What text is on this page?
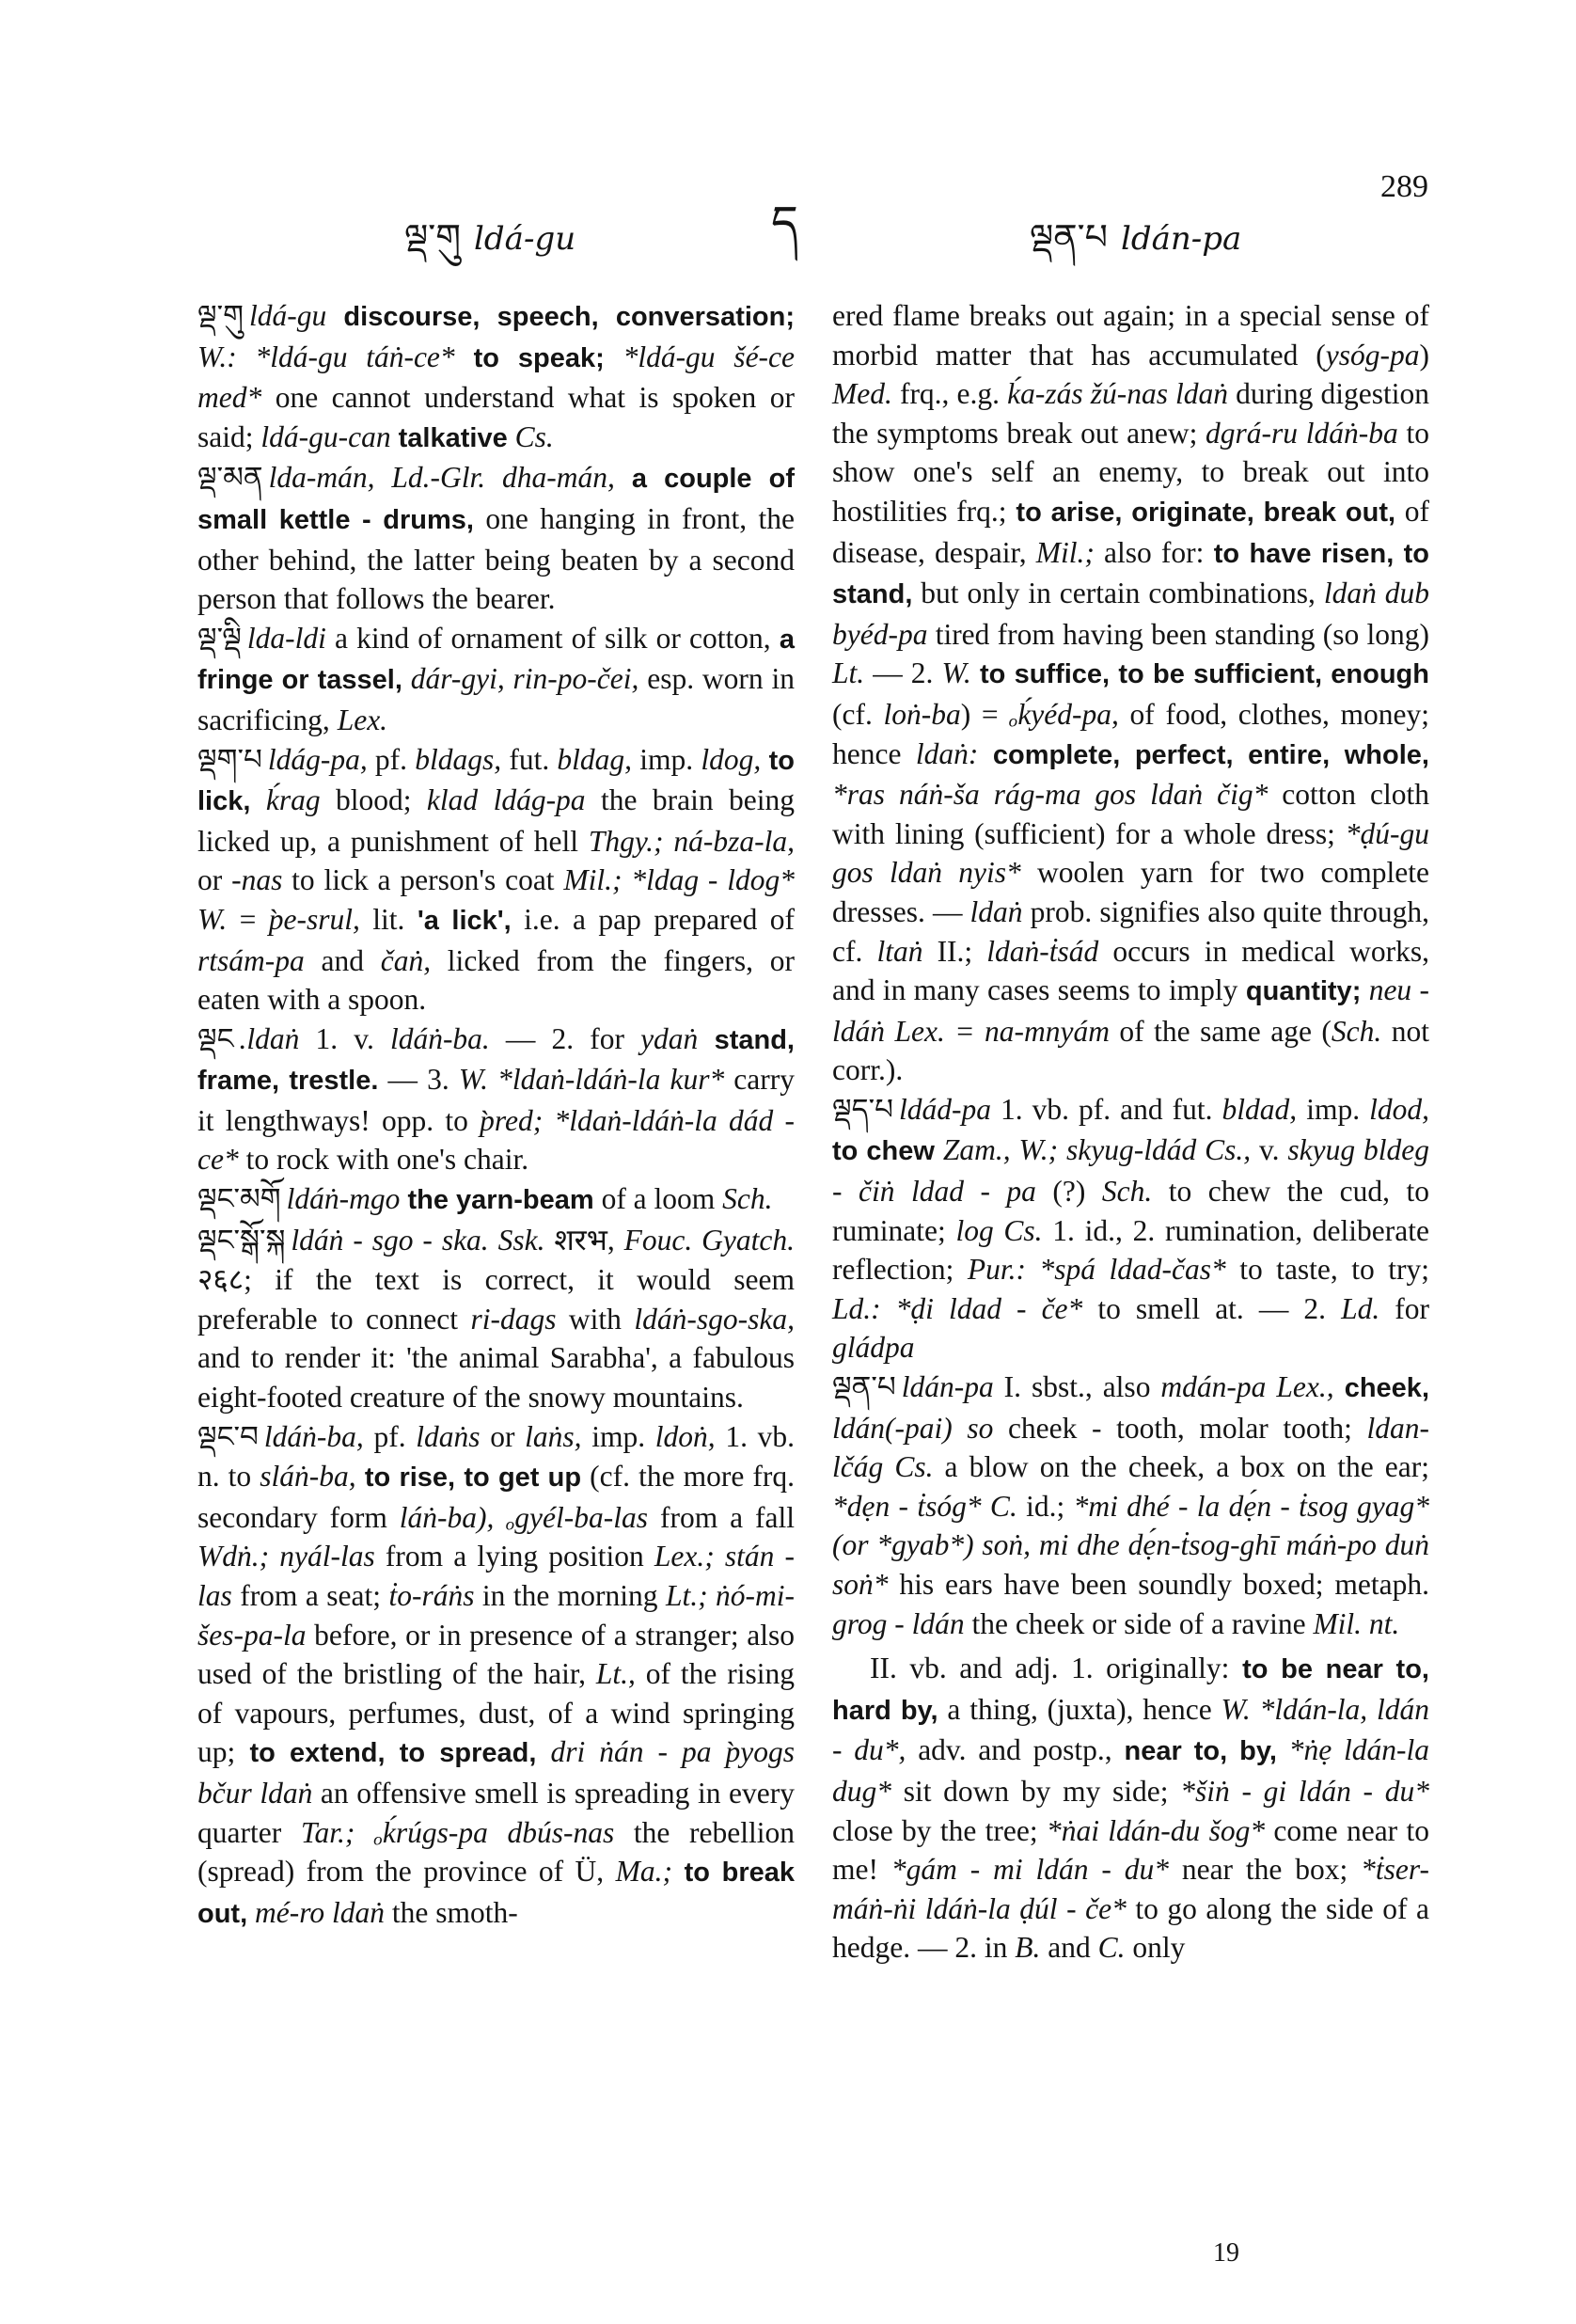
ལྡ་གུ ldá-gu	ད	ལྡན་པ ldán-pa
289

ལྡ་གུ ldá-gu discourse, speech, conversation; W.: *ldá-gu táṅ-ce* to speak; *ldá-gu šé-ce med* one cannot understand what is spoken or said; ldá-gu-can talkative Cs.

ལྡ་མན lda-mán, Ld.-Glr. dha-mán, a couple of small kettle - drums, one hanging in front, the other behind, the latter being beaten by a second person that follows the bearer.

ལྡ་ལྡི lda-ldi a kind of ornament of silk or cotton, a fringe or tassel, dár-gyi, rin-po-čei, esp. worn in sacrificing, Lex.

ལྡག་པ ldág-pa, pf. bldags, fut. bldag, imp. ldog, to lick, ḱrag blood; klad ldág-pa the brain being licked up, a punishment of hell Thgy.; ná-bza-la, or -nas to lick a person's coat Mil.; *ldag - ldog* W. = p̀e-srul, lit. 'a lick', i.e. a pap prepared of rtsám-pa and čaṅ, licked from the fingers, or eaten with a spoon.

ལྡང .ldaṅ 1. v. ldáṅ-ba. — 2. for ydaṅ stand, frame, trestle. — 3. W. *ldaṅ-ldáṅ-la kur* carry it lengthways! opp. to p̀red; *ldaṅ-ldáṅ-la dád - ce* to rock with one's chair.

ལྡང་མགོ ldáṅ-mgo the yarn-beam of a loom Sch.

ལྡང་སྒོ་སྐ ldáṅ - sgo - ska. Ssk. शरभ, Fouc. Gyatch. २६८; if the text is correct, it would seem preferable to connect ri-dags with ldáṅ-sgo-ska, and to render it: 'the animal Sarabha', a fabulous eight-footed creature of the snowy mountains.

ལྡང་བ ldáṅ-ba, pf. ldaṅs or laṅs, imp. ldoṅ, 1. vb. n. to sláṅ-ba, to rise, to get up (cf. the more frq. secondary form láṅ-ba), ₒgyél-ba-las from a fall Wdṅ.; nyál-las from a lying position Lex.; stán - las from a seat; ṫo-ráṅs in the morning Lt.; ṅó-mi-šes-pa-la before, or in presence of a stranger; also used of the bristling of the hair, Lt., of the rising of vapours, perfumes, dust, of a wind springing up; to extend, to spread, dri ṅán - pa p̀yogs bčur ldaṅ an offensive smell is spreading in every quarter Tar.; ₒḱrúgs-pa dbús-nas the rebellion (spread) from the province of Ü, Ma.; to break out, mé-ro ldaṅ the smoth-

ered flame breaks out again; in a special sense of morbid matter that has accumulated (ysóg-pa) Med. frq., e.g. ḱa-zás žú-nas ldaṅ during digestion the symptoms break out anew; dgrá-ru ldáṅ-ba to show one's self an enemy, to break out into hostilities frq.; to arise, originate, break out, of disease, despair, Mil.; also for: to have risen, to stand, but only in certain combinations, ldaṅ dub byéd-pa tired from having been standing (so long) Lt. — 2. W. to suffice, to be sufficient, enough (cf. loṅ-ba) = ₒḱyéd-pa, of food, clothes, money; hence ldaṅ: complete, perfect, entire, whole, *ras náṅ-ša rág-ma gos ldaṅ čig* cotton cloth with lining (sufficient) for a whole dress; *ḍú-gu gos ldaṅ nyis* woolen yarn for two complete dresses. — ldaṅ prob. signifies also quite through, cf. ltaṅ II.; ldaṅ-ṫsád occurs in medical works, and in many cases seems to imply quantity; neu - ldáṅ Lex. = na-mnyám of the same age (Sch. not corr.).

ལྡད་པ ldád-pa 1. vb. pf. and fut. bldad, imp. ldod, to chew Zam., W.; skyug-ldád Cs., v. skyug bldeg - čiṅ ldad - pa (?) Sch. to chew the cud, to ruminate; log Cs. 1. id., 2. rumination, deliberate reflection; Pur.: *spá ldad-čas* to taste, to try; Ld.: *ḍi ldad - če* to smell at. — 2. Ld. for gládpa

ལྡན་པ ldán-pa I. sbst., also mdán-pa Lex., cheek, ldán(-pai) so cheek - tooth, molar tooth; ldan-lčág Cs. a blow on the cheek, a box on the ear; *dẹn - ṫsóg* C. id.; *mi dhé - la dẹ́n - ṫsog gyag* (or *gyab*) soṅ, mi dhe dẹ́n-ṫsog-ghī máṅ-po duṅ soṅ* his ears have been soundly boxed; metaph. grog - ldán the cheek or side of a ravine Mil. nt.

II. vb. and adj. 1. originally: to be near to, hard by, a thing, (juxta), hence W. *ldán-la, ldán - du*, adv. and postp., near to, by, *ṅẹ ldán-la dug* sit down by my side; *šiṅ - gi ldán - du* close by the tree; *ṅai ldán-du šog* come near to me! *gám - mi ldán - du* near the box; *ṫser-máṅ-ṅi ldáṅ-la ḍúl - če* to go along the side of a hedge. — 2. in B. and C. only

19
